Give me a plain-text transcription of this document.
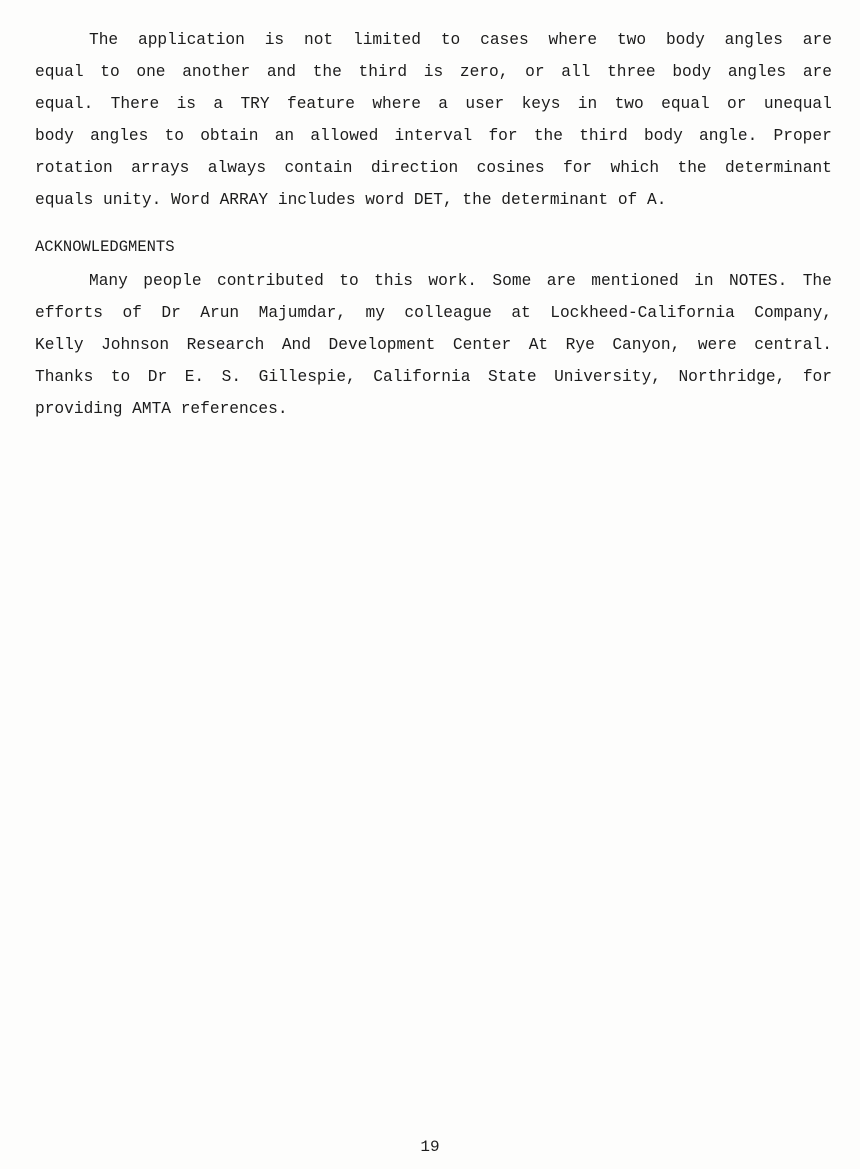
The application is not limited to cases where two body angles are
equal to one another and the third is zero, or all three body angles are
equal. There is a TRY feature where a user keys in two equal or unequal
body angles to obtain an allowed interval for the third body angle. Proper
rotation arrays always contain direction cosines for which the determinant
equals unity. Word ARRAY includes word DET, the determinant of A.
ACKNOWLEDGMENTS
Many people contributed to this work. Some are mentioned in NOTES. The
efforts of Dr Arun Majumdar, my colleague at Lockheed-California Company,
Kelly Johnson Research And Development Center At Rye Canyon, were central.
Thanks to Dr E. S. Gillespie, California State University, Northridge, for
providing AMTA references.
19
